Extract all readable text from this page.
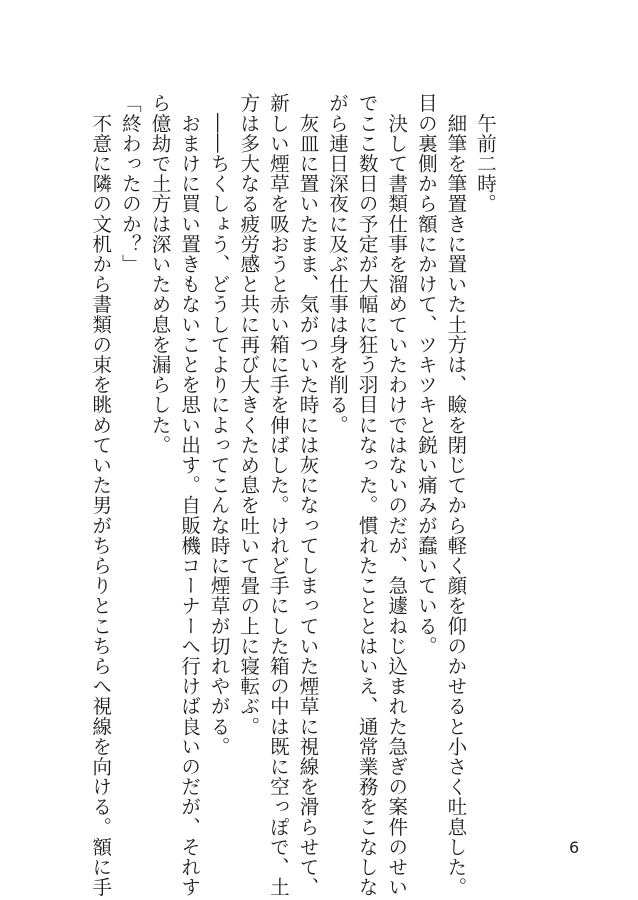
　午前二時。

　細筆を筆置きに置いた土方は、瞼を閉じてから軽く顔を仰のかせると小さく吐息した。

目の裏側から額にかけて、ツキツキと鋭い痛みが蠢いている。

　決して書類仕事を溜めていたわけではないのだが、急遽ねじ込まれた急ぎの案件のせい

でここ数日の予定が大幅に狂う羽目になった。慣れたこととはいえ、通常業務をこなしな

がら連日深夜に及ぶ仕事は身を削る。

　灰皿に置いたまま、気がついた時には灰になってしまっていた煙草に視線を滑らせて、

新しい煙草を吸おうと赤い箱に手を伸ばした。けれど手にした箱の中は既に空っぽで、土

方は多大なる疲労感と共に再び大きくため息を吐いて畳の上に寝転ぶ。

　――ちくしょう、どうしてよりによってこんな時に煙草が切れやがる。

　おまけに買い置きもないことを思い出す。自販機コーナーへ行けば良いのだが、それす

ら億劫で土方は深いため息を漏らした。

「終わったのか？」

　不意に隣の文机から書類の束を眺めていた男がちらりとこちらへ視線を向ける。額に手	6
